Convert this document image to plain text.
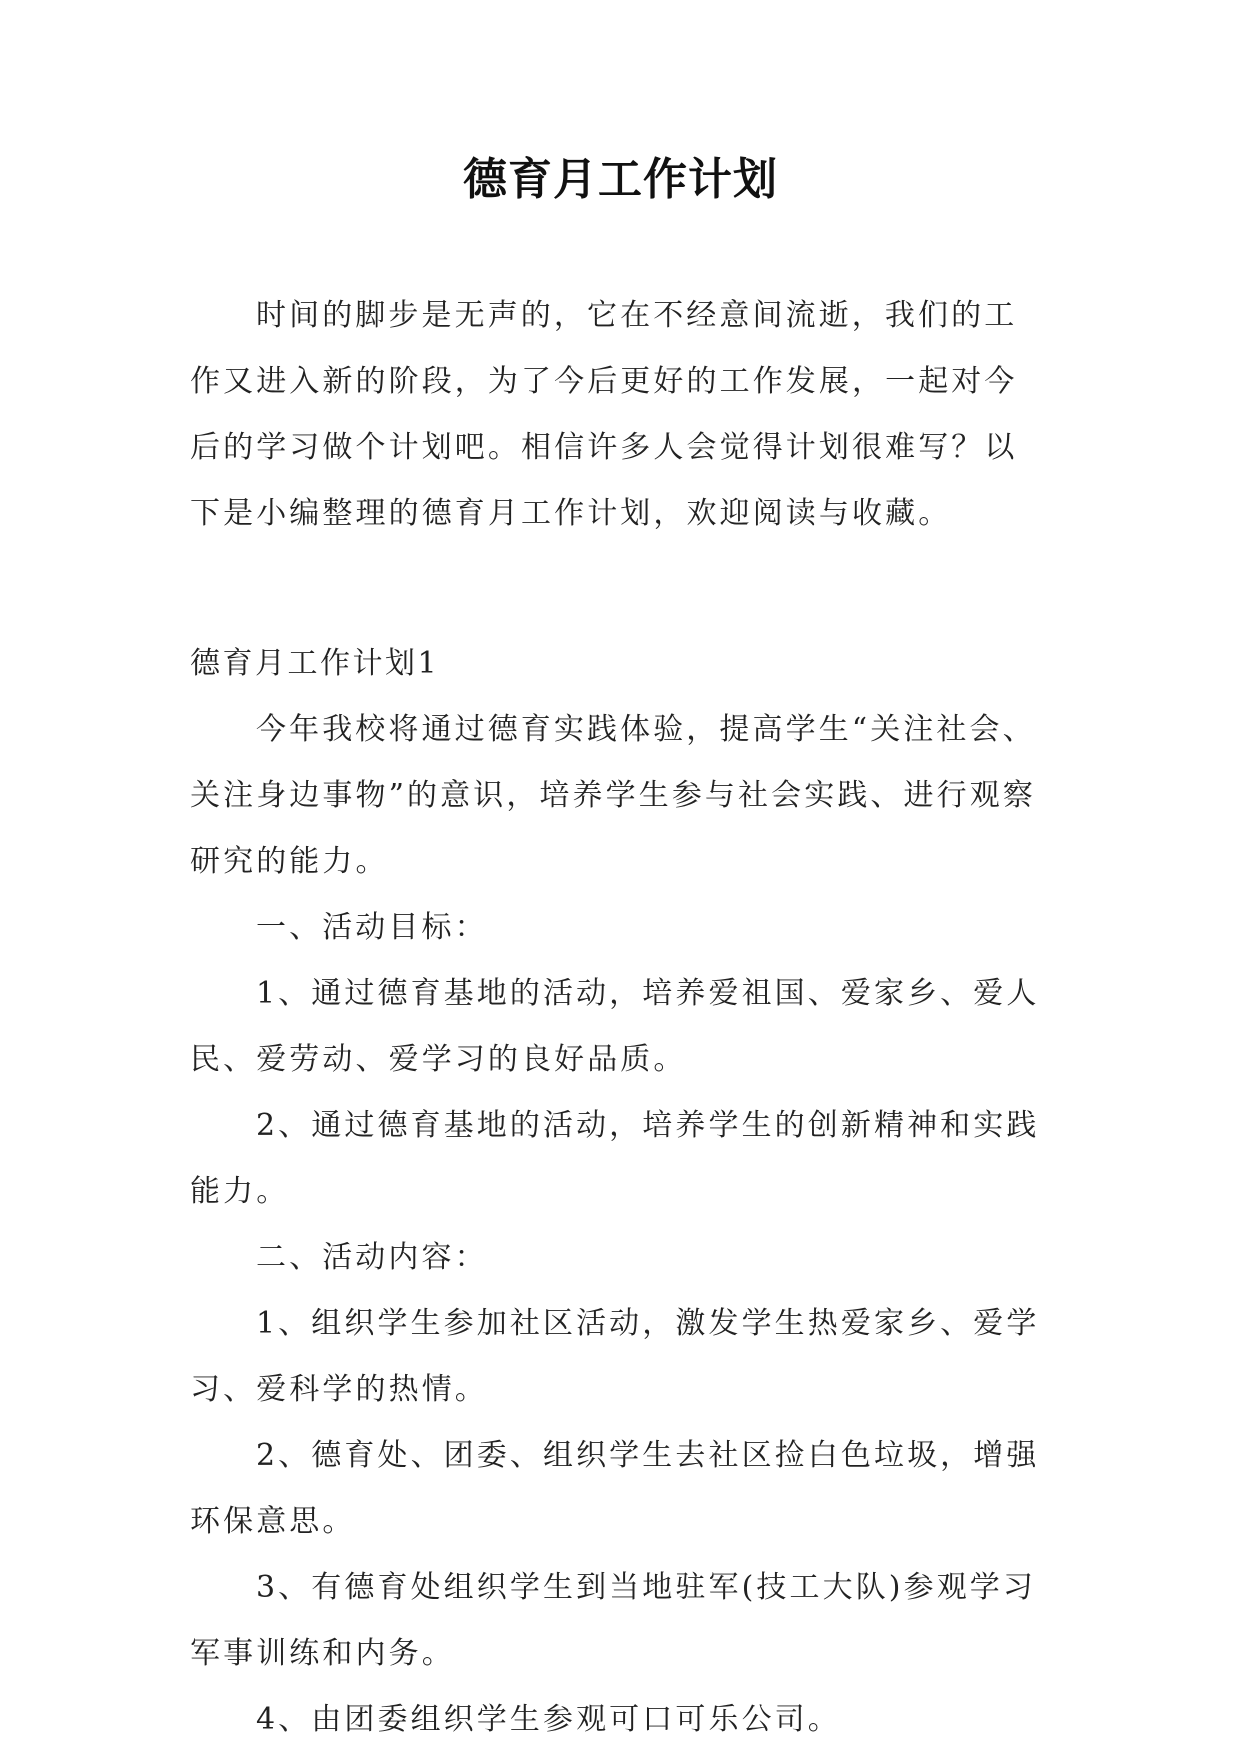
德育月工作计划

时间的脚步是无声的，它在不经意间流逝，我们的工作又进入新的阶段，为了今后更好的工作发展，一起对今后的学习做个计划吧。相信许多人会觉得计划很难写？以下是小编整理的德育月工作计划，欢迎阅读与收藏。

德育月工作计划1

今年我校将通过德育实践体验，提高学生“关注社会、关注身边事物”的意识，培养学生参与社会实践、进行观察研究的能力。

一、活动目标：

1、通过德育基地的活动，培养爱祖国、爱家乡、爱人民、爱劳动、爱学习的良好品质。

2、通过德育基地的活动，培养学生的创新精神和实践能力。

二、活动内容：

1、组织学生参加社区活动，激发学生热爱家乡、爱学习、爱科学的热情。

2、德育处、团委、组织学生去社区捡白色垃圾，增强环保意思。

3、有德育处组织学生到当地驻军(技工大队)参观学习军事训练和内务。

4、由团委组织学生参观可口可乐公司。
